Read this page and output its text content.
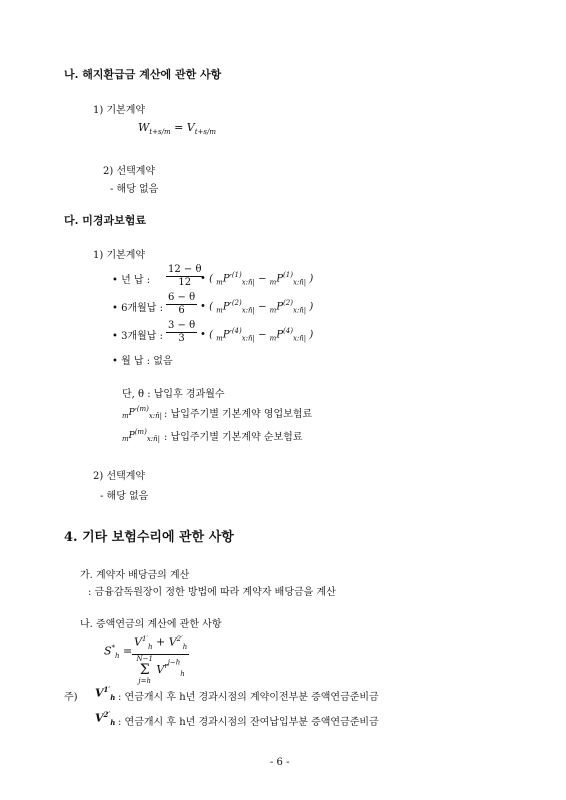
나. 해지환급금 계산에 관한 사항
1) 기본계약
$W_{t+s/m} = V_{t+s/m}$
2) 선택계약
- 해당 없음
다. 미경과보험료
1) 기본계약
• 년 납 : $\frac{12 - \theta}{12}$
• ( $_mP'^{(1)}_{x:n̄|} - _mP^{(1)}_{x:n̄|}$ )
• 6개월납 : $\frac{6 - \theta}{6}$ • ( $_mP'^{(2)}_{x:n̄|} - _mP^{(2)}_{x:n̄|}$ )
• 3개월납 : $\frac{3 - \theta}{3}$ • ( $_mP'^{(4)}_{x:n̄|} - _mP^{(4)}_{x:n̄|}$ )
• 월 납 : 없음
단, θ : 납입후 경과월수
$_mP'^{(m)}_{x:n̄|}$ : 납입주기별 기본계약 영업보험료
$_mP^{(m)}_{x:n̄|}$ : 납입주기별 기본계약 순보험료
2) 선택계약
- 해당 없음
4. 기타 보험수리에 관한 사항
가. 계약자 배당금의 계산
: 금융감독원장이 정한 방법에 따라 계약자 배당금을 계산
나. 증액연금의 계산에 관한 사항
$S^*_h$ =
$V^{1'}_h + V^{2'}_h$
N−1
Σ
j=h $V^{r^{j-h}}_h$
주) $V^{1'}_h$ : 연금개시 후 h년 경과시점의 계약이전부분 증액연금준비금
$V^{2'}_h$ : 연금개시 후 h년 경과시점의 잔여납입부분 증액연금준비금
- 6 -
